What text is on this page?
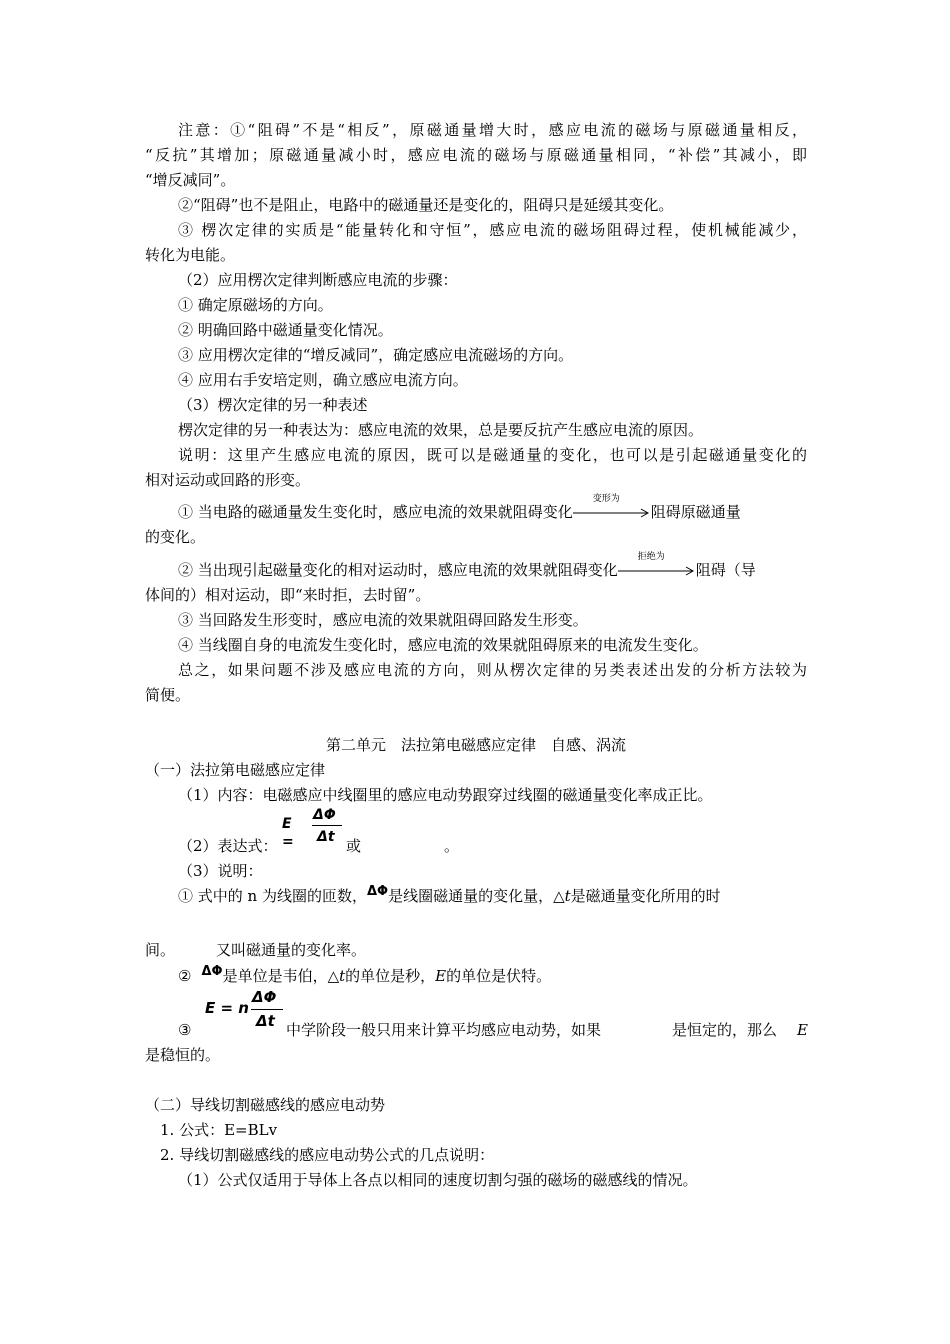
注意：①“阻碍”不是“相反”，原磁通量增大时，感应电流的磁场与原磁通量相反，
“反抗”其增加；原磁通量减小时，感应电流的磁场与原磁通量相同，“补偿”其减小，即
“增反减同”。
②“阻碍”也不是阻止，电路中的磁通量还是变化的，阻碍只是延缓其变化。
③ 楞次定律的实质是“能量转化和守恒”，感应电流的磁场阻碍过程，使机械能减少，
转化为电能。
（2）应用楞次定律判断感应电流的步骤：
① 确定原磁场的方向。
② 明确回路中磁通量变化情况。
③ 应用楞次定律的“增反减同”，确定感应电流磁场的方向。
④ 应用右手安培定则，确立感应电流方向。
（3）楞次定律的另一种表述
楞次定律的另一种表达为：感应电流的效果，总是要反抗产生感应电流的原因。
说明：这里产生感应电流的原因，既可以是磁通量的变化，也可以是引起磁通量变化的
相对运动或回路的形变。
① 当电路的磁通量发生变化时，感应电流的效果就阻碍变化
变形为
阻碍原磁通量
的变化。
② 当出现引起磁量变化的相对运动时，感应电流的效果就阻碍变化
拒绝为
阻碍（导
体间的）相对运动，即“来时拒，去时留”。
③ 当回路发生形变时，感应电流的效果就阻碍回路发生形变。
④ 当线圈自身的电流发生变化时，感应电流的效果就阻碍原来的电流发生变化。
总之，如果问题不涉及感应电流的方向，则从楞次定律的另类表述出发的分析方法较为
简便。
第二单元　法拉第电磁感应定律　自感、涡流
（一）法拉第电磁感应定律
（1）内容：电磁感应中线圈里的感应电动势跟穿过线圈的磁通量变化率成正比。
E =
ΔΦ
Δt
（2）表达式：	或	。
（3）说明：
① 式中的 n 为线圈的匝数，ΔΦ是线圈磁通量的变化量，△t是磁通量变化所用的时
间。	又叫磁通量的变化率。
② ΔΦ是单位是韦伯，△t的单位是秒，E的单位是伏特。
E = n
ΔΦ
Δt
③	中学阶段一般只用来计算平均感应电动势，如果	是恒定的，那么 E
是稳恒的。
（二）导线切割磁感线的感应电动势
1. 公式：E=BLv
2. 导线切割磁感线的感应电动势公式的几点说明：
（1）公式仅适用于导体上各点以相同的速度切割匀强的磁场的磁感线的情况。
